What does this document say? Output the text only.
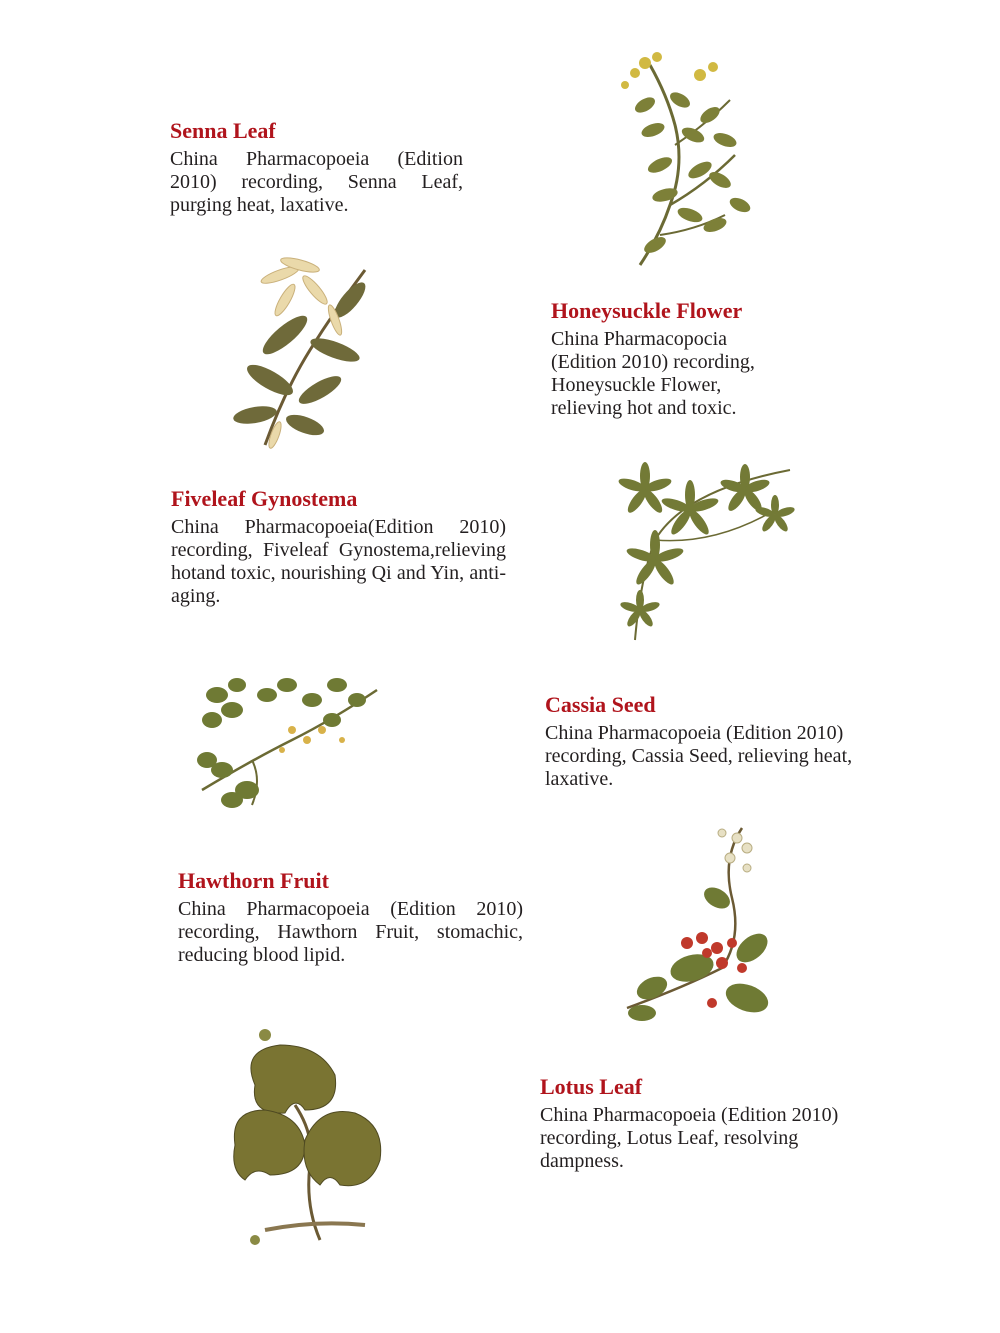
Senna Leaf

China Pharmacopoeia (Edition 2010) recording, Senna Leaf, purging heat, laxative.

Honeysuckle Flower

China Pharmacopocia (Edition 2010) recording, Honeysuckle Flower, relieving hot and toxic.

Fiveleaf Gynostema

China Pharmacopoeia(Edition 2010) recording, Fiveleaf Gynostema,relieving hotand toxic, nourishing Qi and Yin, anti-aging.

Cassia Seed

China Pharmacopoeia (Edition 2010) recording, Cassia Seed, relieving heat, laxative.

Hawthorn Fruit

China Pharmacopoeia (Edition 2010) recording, Hawthorn Fruit, stomachic, reducing blood lipid.

Lotus Leaf

China Pharmacopoeia (Edition 2010) recording, Lotus Leaf, resolving dampness.
